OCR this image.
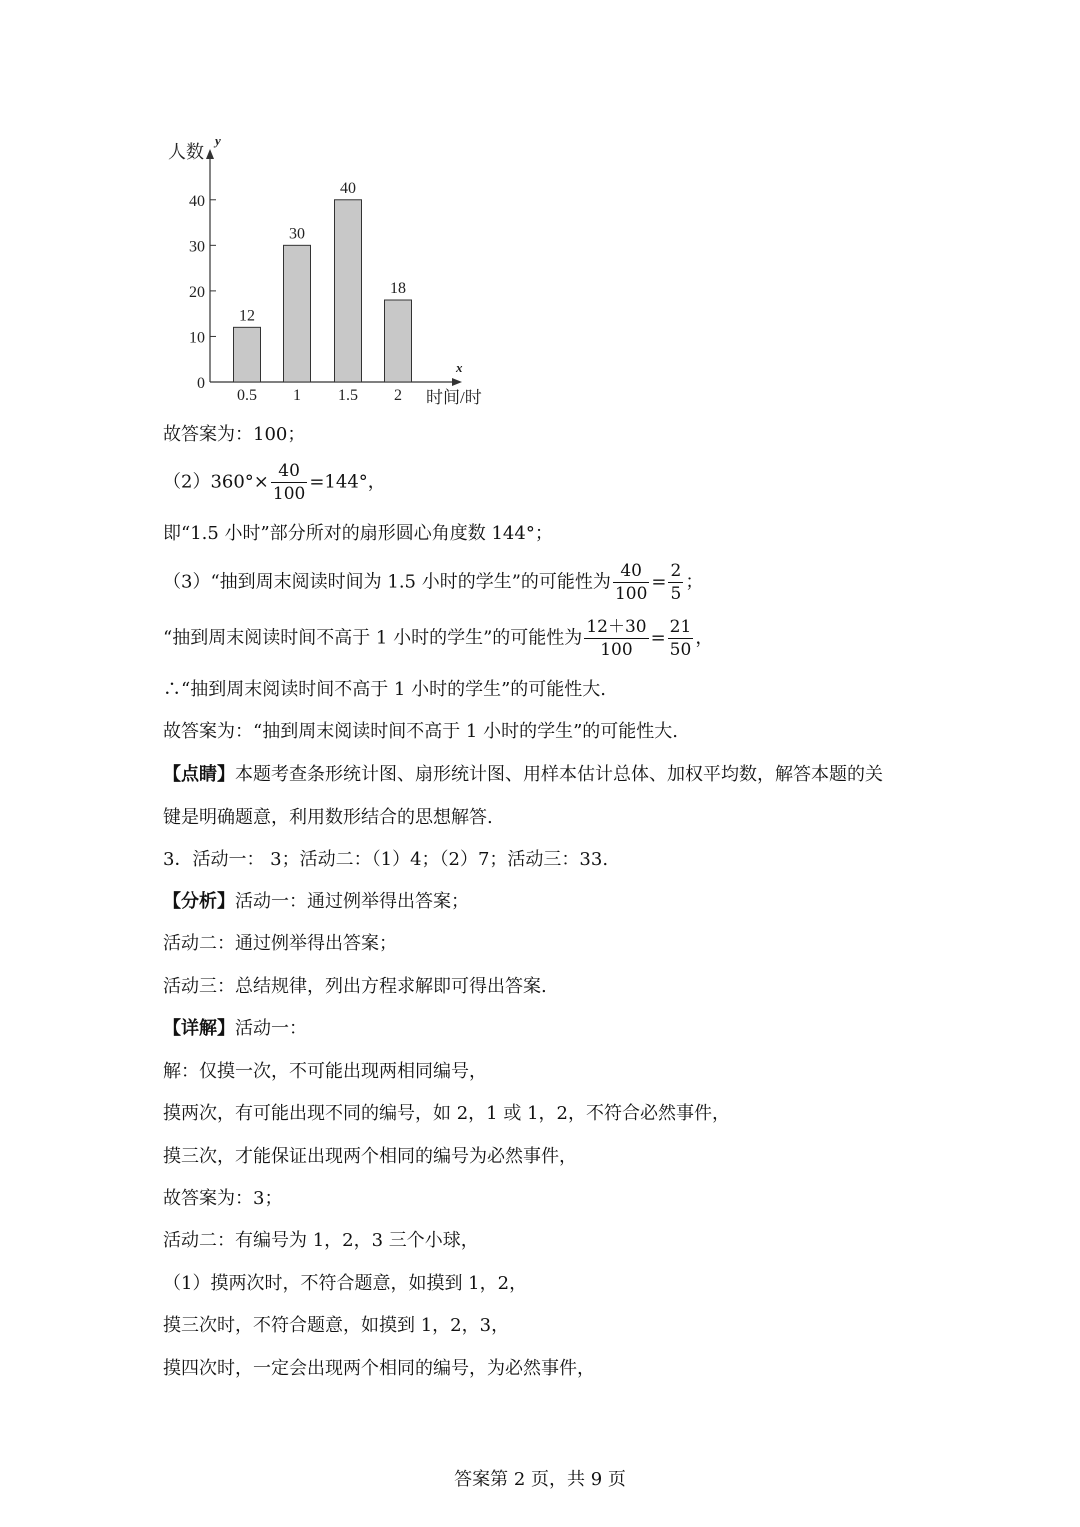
人数
y
x
时间/时
0
10
20
30
40
12
0.5
30
1
40
1.5
18
2
故答案为：100；
$(2)360^\circ\times \frac{40}{100} =144^\circ$，
即“1.5 小时”部分所对的扇形圆心角度数 144°；
（3）“抽到周末阅读时间为 1.5 小时的学生”的可能性为 $\frac{40}{100} = \frac{2}{5}$ ；
“抽到周末阅读时间不高于 1 小时的学生”的可能性为 $\frac{12+30}{100} = \frac{21}{50}$ ，
∴“抽到周末阅读时间不高于 1 小时的学生”的可能性大.
故答案为：“抽到周末阅读时间不高于 1 小时的学生”的可能性大.
【点睛】本题考查条形统计图、扇形统计图、用样本估计总体、加权平均数，解答本题的关
键是明确题意，利用数形结合的思想解答.
3．活动一： 3；活动二：（1）4；（2）7；活动三：33.
【分析】活动一：通过例举得出答案；
活动二：通过例举得出答案；
活动三：总结规律，列出方程求解即可得出答案.
【详解】活动一：
解：仅摸一次，不可能出现两相同编号，
摸两次，有可能出现不同的编号，如 2，1 或 1，2，不符合必然事件，
摸三次，才能保证出现两个相同的编号为必然事件，
故答案为：3；
活动二：有编号为 1，2，3 三个小球，
（1）摸两次时，不符合题意，如摸到 1，2，
摸三次时，不符合题意，如摸到 1，2，3，
摸四次时，一定会出现两个相同的编号，为必然事件，
答案第 2 页，共 9 页
